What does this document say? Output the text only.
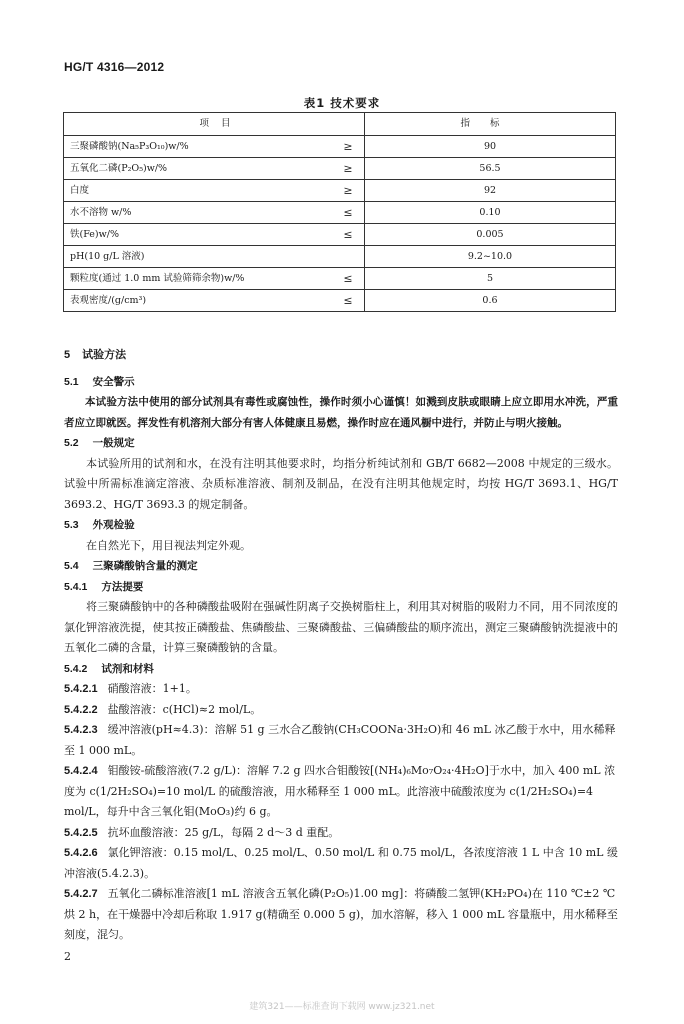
HG/T 4316—2012
表1 技术要求
项目		指标
三聚磷酸钠(Na₅P₃O₁₀)w/%	≥	90
五氧化二磷(P₂O₅)w/%	≥	56.5
白度	≥	92
水不溶物 w/%	≤	0.10
铁(Fe)w/%	≤	0.005
pH(10 g/L 溶液)		9.2~10.0
颗粒度(通过 1.0 mm 试验筛筛余物)w/%	≤	5
表观密度/(g/cm³)	≤	0.6
5 试验方法
5.1 安全警示
本试验方法中使用的部分试剂具有毒性或腐蚀性，操作时须小心谨慎！如溅到皮肤或眼睛上应立即用水冲洗，严重者应立即就医。挥发性有机溶剂大部分有害人体健康且易燃，操作时应在通风橱中进行，并防止与明火接触。
5.2 一般规定
本试验所用的试剂和水，在没有注明其他要求时，均指分析纯试剂和 GB/T 6682—2008 中规定的三级水。试验中所需标准滴定溶液、杂质标准溶液、制剂及制品，在没有注明其他规定时，均按 HG/T 3693.1、HG/T 3693.2、HG/T 3693.3 的规定制备。
5.3 外观检验
在自然光下，用目视法判定外观。
5.4 三聚磷酸钠含量的测定
5.4.1 方法提要
将三聚磷酸钠中的各种磷酸盐吸附在强碱性阴离子交换树脂柱上，利用其对树脂的吸附力不同，用不同浓度的氯化钾溶液洗提，使其按正磷酸盐、焦磷酸盐、三聚磷酸盐、三偏磷酸盐的顺序流出，测定三聚磷酸钠洗提液中的五氧化二磷的含量，计算三聚磷酸钠的含量。
5.4.2 试剂和材料
5.4.2.1 硝酸溶液：1+1。
5.4.2.2 盐酸溶液：c(HCl)≈2 mol/L。
5.4.2.3 缓冲溶液(pH≈4.3)：溶解 51 g 三水合乙酸钠(CH₃COONa·3H₂O)和 46 mL 冰乙酸于水中，用水稀释至 1 000 mL。
5.4.2.4 钼酸铵-硫酸溶液(7.2 g/L)：溶解 7.2 g 四水合钼酸铵[(NH₄)₆Mo₇O₂₄·4H₂O]于水中，加入 400 mL 浓度为 c(1/2H₂SO₄)=10 mol/L 的硫酸溶液，用水稀释至 1 000 mL。此溶液中硫酸浓度为 c(1/2H₂SO₄)=4 mol/L，每升中含三氧化钼(MoO₃)约 6 g。
5.4.2.5 抗坏血酸溶液：25 g/L，每隔 2 d～3 d 重配。
5.4.2.6 氯化钾溶液：0.15 mol/L、0.25 mol/L、0.50 mol/L 和 0.75 mol/L，各浓度溶液 1 L 中含 10 mL 缓冲溶液(5.4.2.3)。
5.4.2.7 五氧化二磷标准溶液[1 mL 溶液含五氧化磷(P₂O₅)1.00 mg]：将磷酸二氢钾(KH₂PO₄)在 110 ℃±2 ℃烘 2 h，在干燥器中冷却后称取 1.917 g(精确至 0.000 5 g)，加水溶解，移入 1 000 mL 容量瓶中，用水稀释至刻度，混匀。
2
建筑321——标准查询下载网 www.jz321.net
